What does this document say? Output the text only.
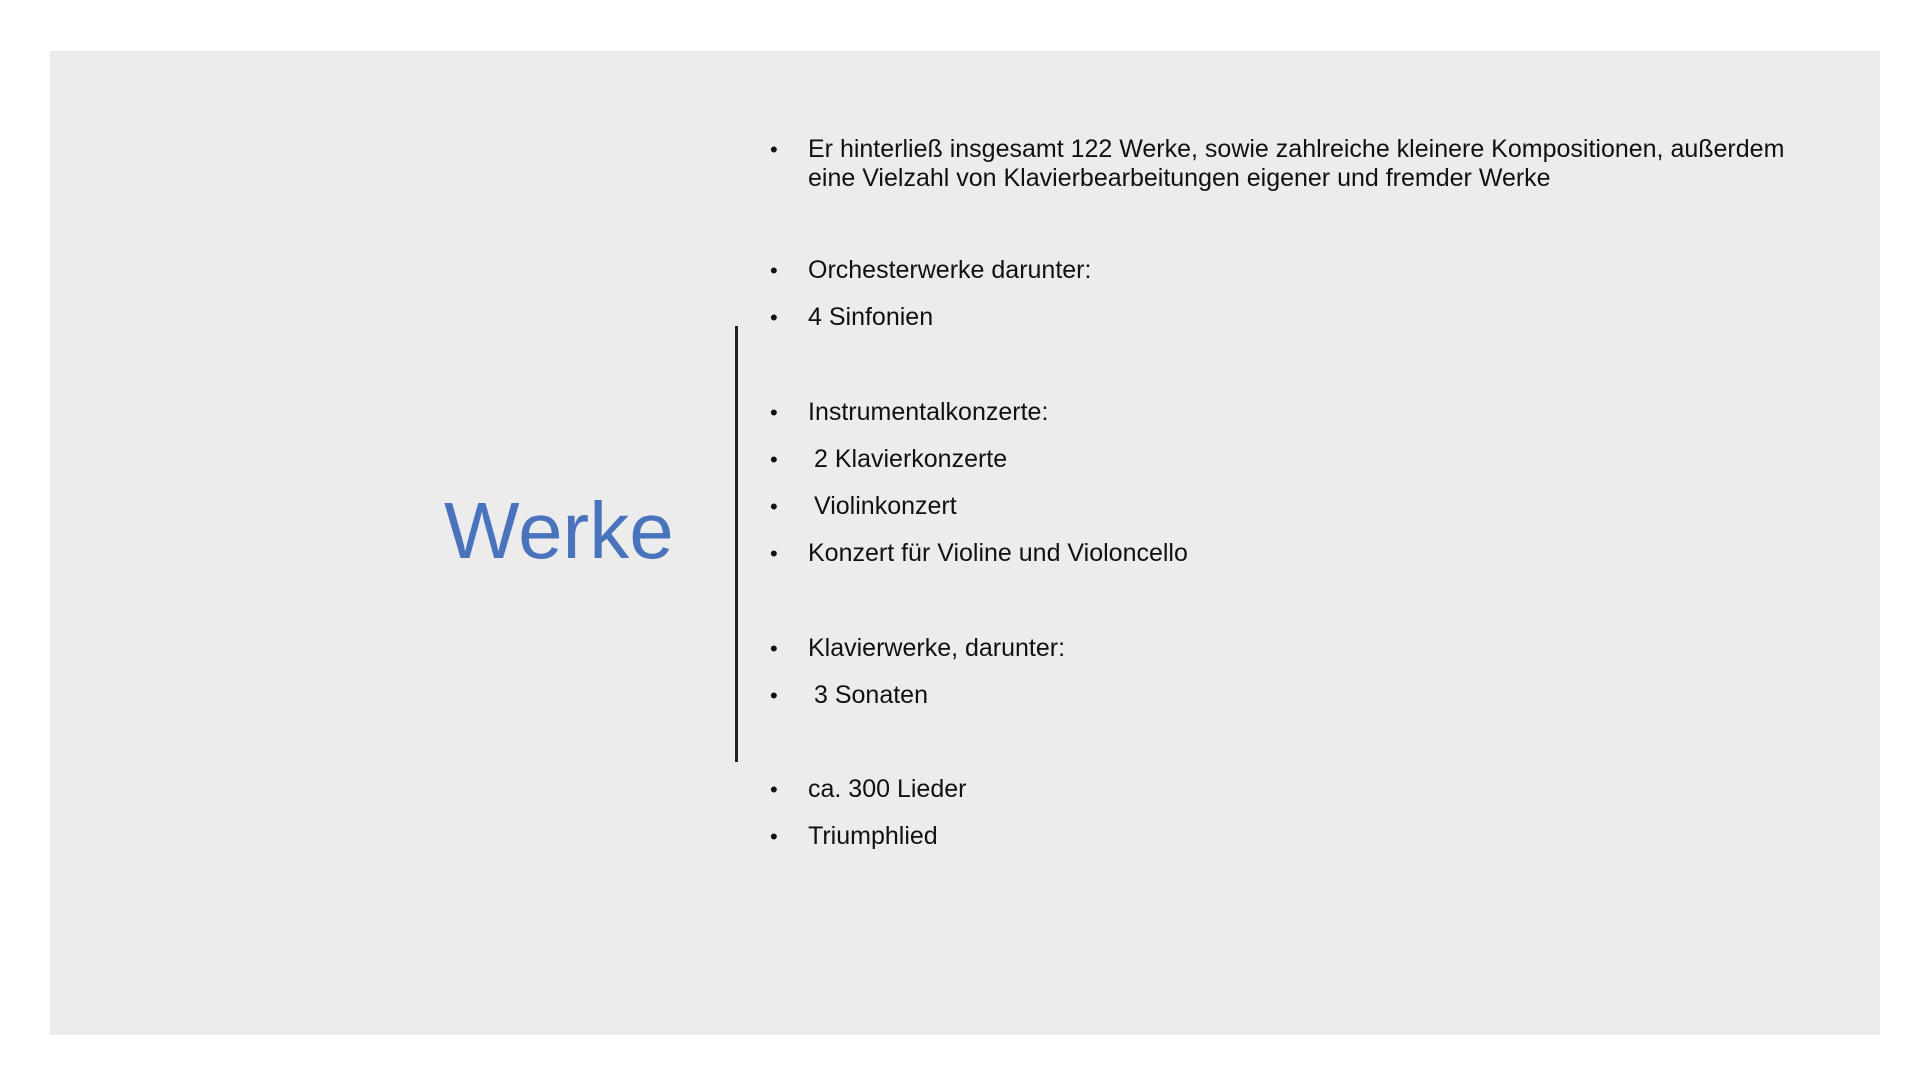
Werke
•	Er hinterließ insgesamt 122 Werke, sowie zahlreiche kleinere Kompositionen, außerdem eine Vielzahl von Klavierbearbeitungen eigener und fremder Werke
•	Orchesterwerke darunter:
•	4 Sinfonien
•	Instrumentalkonzerte:
•	2 Klavierkonzerte
•	Violinkonzert
•	Konzert für Violine und Violoncello
•	Klavierwerke, darunter:
•	3 Sonaten
•	ca. 300 Lieder
•	Triumphlied
